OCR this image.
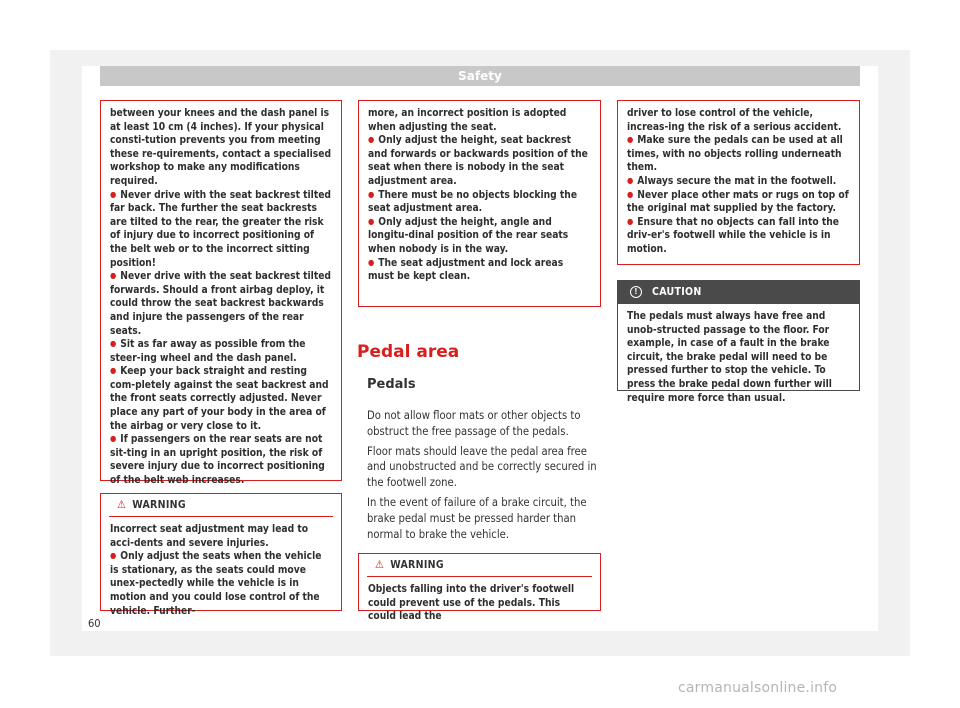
Safety

between your knees and the dash panel is at least 10 cm (4 inches). If your physical consti-tution prevents you from meeting these re-quirements, contact a specialised workshop to make any modifications required.

● Never drive with the seat backrest tilted far back. The further the seat backrests are tilted to the rear, the greater the risk of injury due to incorrect positioning of the belt web or to the incorrect sitting position!

● Never drive with the seat backrest tilted forwards. Should a front airbag deploy, it could throw the seat backrest backwards and injure the passengers of the rear seats.

● Sit as far away as possible from the steer-ing wheel and the dash panel.

● Keep your back straight and resting com-pletely against the seat backrest and the front seats correctly adjusted. Never place any part of your body in the area of the airbag or very close to it.

● If passengers on the rear seats are not sit-ting in an upright position, the risk of severe injury due to incorrect positioning of the belt web increases.

⚠ WARNING

Incorrect seat adjustment may lead to acci-dents and severe injuries.

● Only adjust the seats when the vehicle is stationary, as the seats could move unex-pectedly while the vehicle is in motion and you could lose control of the vehicle. Further-

more, an incorrect position is adopted when adjusting the seat.

● Only adjust the height, seat backrest and forwards or backwards position of the seat when there is nobody in the seat adjustment area.

● There must be no objects blocking the seat adjustment area.

● Only adjust the height, angle and longitu-dinal position of the rear seats when nobody is in the way.

● The seat adjustment and lock areas must be kept clean.

Pedal area
Pedals

Do not allow floor mats or other objects to obstruct the free passage of the pedals.

Floor mats should leave the pedal area free and unobstructed and be correctly secured in the footwell zone.

In the event of failure of a brake circuit, the brake pedal must be pressed harder than normal to brake the vehicle.

⚠ WARNING

Objects falling into the driver's footwell could prevent use of the pedals. This could lead the

driver to lose control of the vehicle, increas-ing the risk of a serious accident.

● Make sure the pedals can be used at all times, with no objects rolling underneath them.

● Always secure the mat in the footwell.

● Never place other mats or rugs on top of the original mat supplied by the factory.

● Ensure that no objects can fall into the driv-er's footwell while the vehicle is in motion.

! CAUTION

The pedals must always have free and unob-structed passage to the floor. For example, in case of a fault in the brake circuit, the brake pedal will need to be pressed further to stop the vehicle. To press the brake pedal down further will require more force than usual.

60
carmanualsonline.info
